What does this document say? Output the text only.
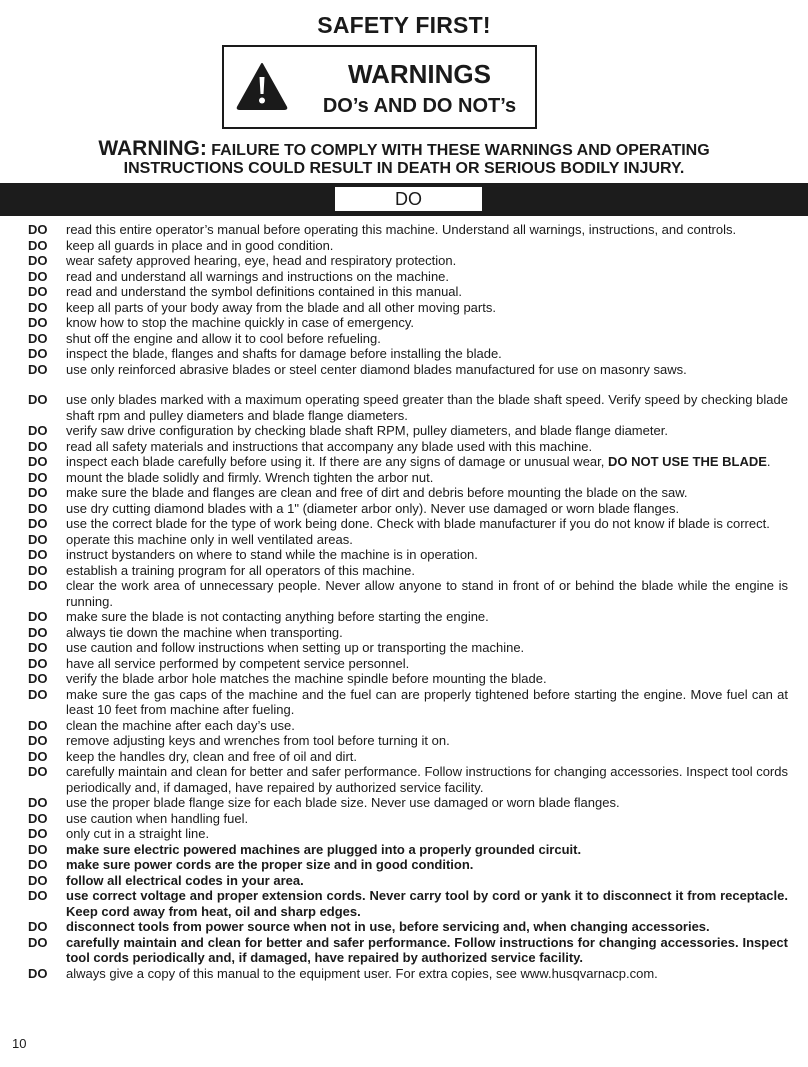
SAFETY FIRST!
WARNINGS
DO’s AND DO NOT’s
WARNING: FAILURE TO COMPLY WITH THESE WARNINGS AND OPERATING
INSTRUCTIONS COULD RESULT IN DEATH OR SERIOUS BODILY INJURY.
DO
DO read this entire operator’s manual before operating this machine. Understand all warnings, instructions, and controls.
DO keep all guards in place and in good condition.
DO wear safety approved hearing, eye, head and respiratory protection.
DO read and understand all warnings and instructions on the machine.
DO read and understand the symbol definitions contained in this manual.
DO keep all parts of your body away from the blade and all other moving parts.
DO know how to stop the machine quickly in case of emergency.
DO shut off the engine and allow it to cool before refueling.
DO inspect the blade, flanges and shafts for damage before installing the blade.
DO use only reinforced abrasive blades or steel center diamond blades manufactured for use on masonry saws.
DO use only blades marked with a maximum operating speed greater than the blade shaft speed. Verify speed by checking blade shaft rpm and pulley diameters and blade flange diameters.
DO verify saw drive configuration by checking blade shaft RPM, pulley diameters, and blade flange diameter.
DO read all safety materials and instructions that accompany any blade used with this machine.
DO inspect each blade carefully before using it. If there are any signs of damage or unusual wear, DO NOT USE THE BLADE.
DO mount the blade solidly and firmly. Wrench tighten the arbor nut.
DO make sure the blade and flanges are clean and free of dirt and debris before mounting the blade on the saw.
DO use dry cutting diamond blades with a 1" (diameter arbor only). Never use damaged or worn blade flanges.
DO use the correct blade for the type of work being done. Check with blade manufacturer if you do not know if blade is correct.
DO operate this machine only in well ventilated areas.
DO instruct bystanders on where to stand while the machine is in operation.
DO establish a training program for all operators of this machine.
DO clear the work area of unnecessary people. Never allow anyone to stand in front of or behind the blade while the engine is running.
DO make sure the blade is not contacting anything before starting the engine.
DO always tie down the machine when transporting.
DO use caution and follow instructions when setting up or transporting the machine.
DO have all service performed by competent service personnel.
DO verify the blade arbor hole matches the machine spindle before mounting the blade.
DO make sure the gas caps of the machine and the fuel can are properly tightened before starting the engine. Move fuel can at least 10 feet from machine after fueling.
DO clean the machine after each day’s use.
DO remove adjusting keys and wrenches from tool before turning it on.
DO keep the handles dry, clean and free of oil and dirt.
DO carefully maintain and clean for better and safer performance. Follow instructions for changing accessories. Inspect tool cords periodically and, if damaged, have repaired by authorized service facility.
DO use the proper blade flange size for each blade size. Never use damaged or worn blade flanges.
DO use caution when handling fuel.
DO only cut in a straight line.
DO make sure electric powered machines are plugged into a properly grounded circuit.
DO make sure power cords are the proper size and in good condition.
DO follow all electrical codes in your area.
DO use correct voltage and proper extension cords. Never carry tool by cord or yank it to disconnect it from receptacle. Keep cord away from heat, oil and sharp edges.
DO disconnect tools from power source when not in use, before servicing and, when changing accessories.
DO carefully maintain and clean for better and safer performance. Follow instructions for changing accessories. Inspect tool cords periodically and, if damaged, have repaired by authorized service facility.
DO always give a copy of this manual to the equipment user. For extra copies, see www.husqvarnacp.com.
10
